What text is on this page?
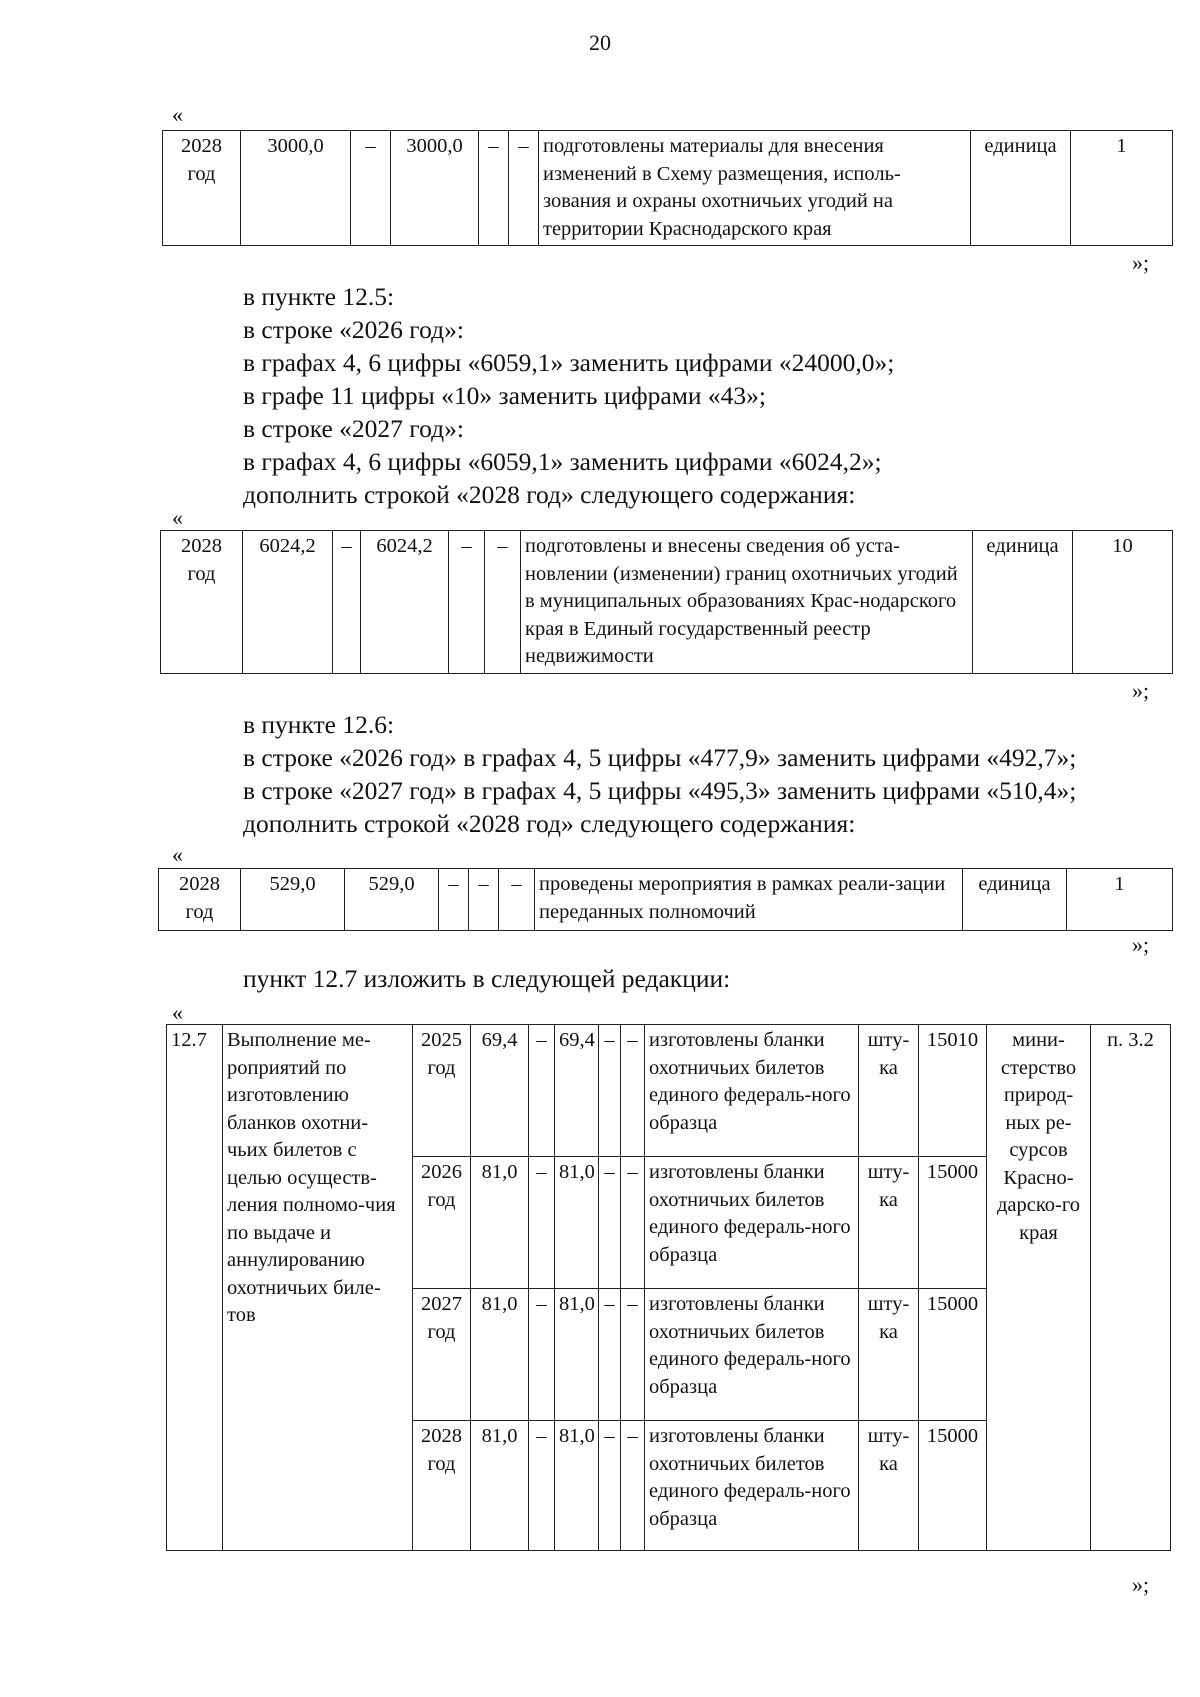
20
«
2028 год	3000,0	–	3000,0	–	–	подготовлены материалы для внесения изменений в Схему размещения, исполь-зования и охраны охотничьих угодий на территории Краснодарского края	единица	1
»;
в пункте 12.5:
в строке «2026 год»:
в графах 4, 6 цифры «6059,1» заменить цифрами «24000,0»;
в графе 11 цифры «10» заменить цифрами «43»;
в строке «2027 год»:
в графах 4, 6 цифры «6059,1» заменить цифрами «6024,2»;
дополнить строкой «2028 год» следующего содержания:
«
2028 год	6024,2	–	6024,2	–	–	подготовлены и внесены сведения об уста-новлении (изменении) границ охотничьих угодий в муниципальных образованиях Крас-нодарского края в Единый государственный реестр недвижимости	единица	10
»;
в пункте 12.6:
в строке «2026 год» в графах 4, 5 цифры «477,9» заменить цифрами «492,7»;
в строке «2027 год» в графах 4, 5 цифры «495,3» заменить цифрами «510,4»;
дополнить строкой «2028 год» следующего содержания:
«
2028 год	529,0	529,0	–	–	–	проведены мероприятия в рамках реали-зации переданных полномочий	единица	1
»;
пункт 12.7 изложить в следующей редакции:
«
12.7	Выполнение ме-роприятий по изготовлению бланков охотни-чьих билетов с целью осуществ-ления полномо-чия по выдаче и аннулированию охотничьих биле-тов	2025 год	69,4	–	69,4	–	–	изготовлены бланки охотничьих билетов единого федераль-ного образца	шту-ка	15010	мини-стерство природ-ных ре-сурсов Красно-дарско-го края	п. 3.2
		2026 год	81,0	–	81,0	–	–	изготовлены бланки охотничьих билетов единого федераль-ного образца	шту-ка	15000		
		2027 год	81,0	–	81,0	–	–	изготовлены бланки охотничьих билетов единого федераль-ного образца	шту-ка	15000		
		2028 год	81,0	–	81,0	–	–	изготовлены бланки охотничьих билетов единого федераль-ного образца	шту-ка	15000		
»;
